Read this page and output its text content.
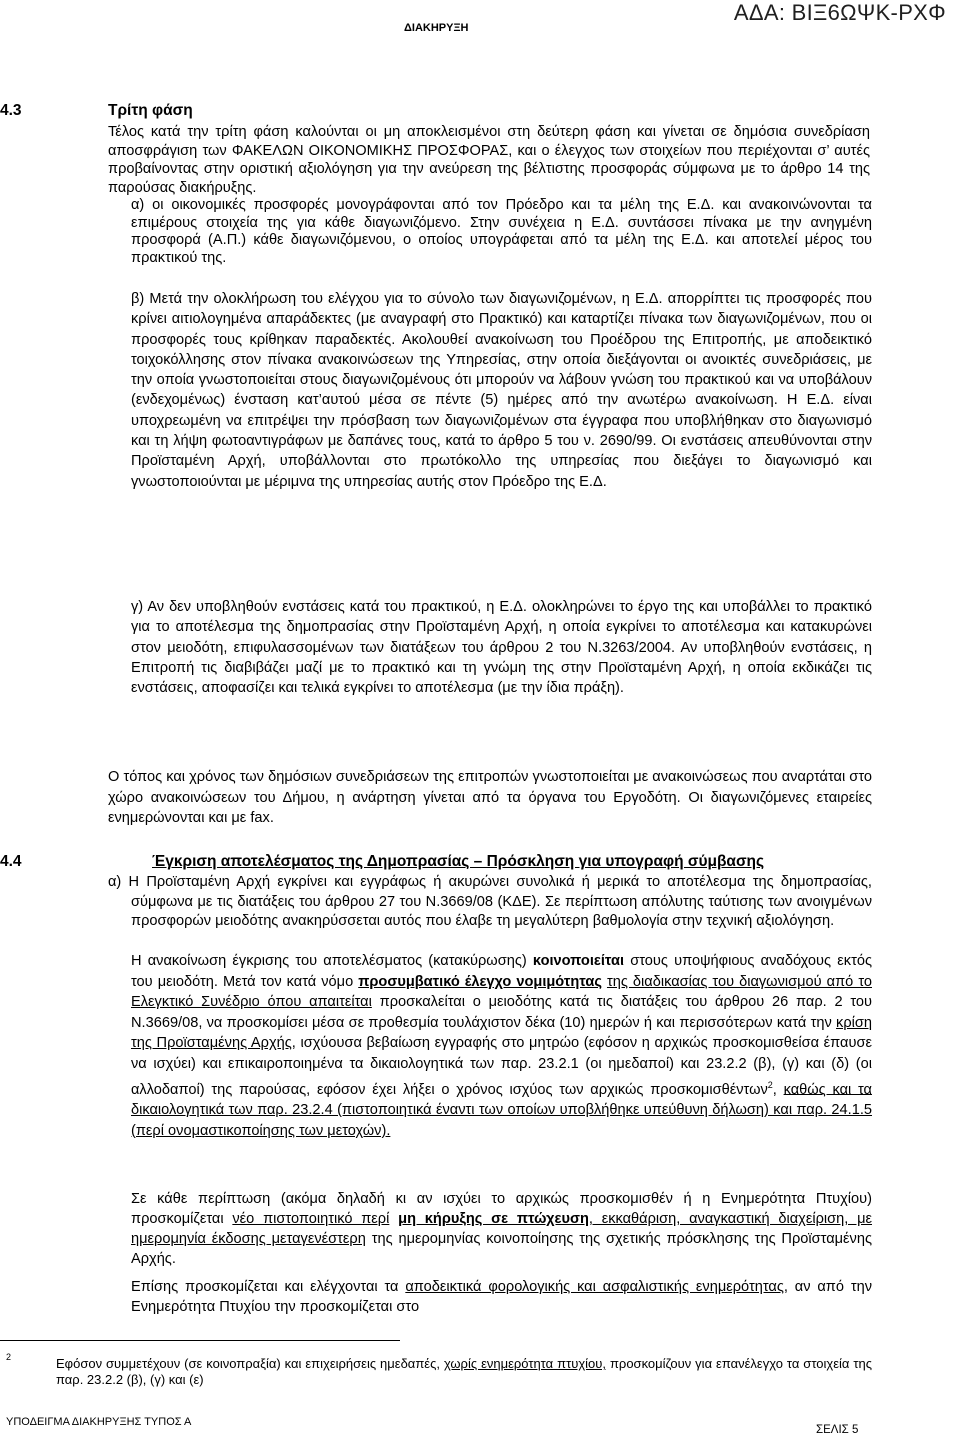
ΔΙΑΚΗΡΥΞΗ
ΑΔΑ: ΒΙΞ6ΩΨΚ-ΡΧΦ
4.3	Τρίτη φάση

Τέλος κατά την τρίτη φάση καλούνται οι μη αποκλεισμένοι στη δεύτερη φάση και γίνεται σε δημόσια συνεδρίαση αποσφράγιση των ΦΑΚΕΛΩΝ ΟΙΚΟΝΟΜΙΚΗΣ ΠΡΟΣΦΟΡΑΣ, και ο έλεγχος των στοιχείων που περιέχονται σ’ αυτές προβαίνοντας στην οριστική αξιολόγηση για την ανεύρεση της βέλτιστης προσφοράς σύμφωνα με το άρθρο 14 της παρούσας διακήρυξης.

α) οι οικονομικές προσφορές μονογράφονται από τον Πρόεδρο και τα μέλη της Ε.Δ. και ανακοινώνονται τα επιμέρους στοιχεία της για κάθε διαγωνιζόμενο. Στην συνέχεια η Ε.Δ. συντάσσει πίνακα με την ανηγμένη προσφορά (Α.Π.) κάθε διαγωνιζόμενου, ο οποίος υπογράφεται από τα μέλη της Ε.Δ. και αποτελεί μέρος του πρακτικού της.

β) Μετά την ολοκλήρωση του ελέγχου για το σύνολο των διαγωνιζομένων, η Ε.Δ. απορρίπτει τις προσφορές που κρίνει αιτιολογημένα απαράδεκτες (με αναγραφή στο Πρακτικό) και καταρτίζει πίνακα των διαγωνιζομένων, που οι προσφορές τους κρίθηκαν παραδεκτές. Ακολουθεί ανακοίνωση του Προέδρου της Επιτροπής, με αποδεικτικό τοιχοκόλλησης στον πίνακα ανακοινώσεων της Υπηρεσίας, στην οποία διεξάγονται οι ανοικτές συνεδριάσεις, με την οποία γνωστοποιείται στους διαγωνιζομένους ότι μπορούν να λάβουν γνώση του πρακτικού και να υποβάλουν (ενδεχομένως) ένσταση κατ’αυτού μέσα σε πέντε (5) ημέρες από την ανωτέρω ανακοίνωση. Η Ε.Δ. είναι υποχρεωμένη να επιτρέψει την πρόσβαση των διαγωνιζομένων στα έγγραφα που υποβλήθηκαν στο διαγωνισμό και τη λήψη φωτοαντιγράφων με δαπάνες τους, κατά το άρθρο 5 του ν. 2690/99. Οι ενστάσεις απευθύνονται στην Προϊσταμένη Αρχή, υποβάλλονται στο πρωτόκολλο της υπηρεσίας που διεξάγει το διαγωνισμό και γνωστοποιούνται με μέριμνα της υπηρεσίας αυτής στον Πρόεδρο της Ε.Δ.

γ) Αν δεν υποβληθούν ενστάσεις κατά του πρακτικού, η Ε.Δ. ολοκληρώνει το έργο της και υποβάλλει το πρακτικό για το αποτέλεσμα της δημοπρασίας στην Προϊσταμένη Αρχή, η οποία εγκρίνει το αποτέλεσμα και κατακυρώνει στον μειοδότη, επιφυλασσομένων των διατάξεων του άρθρου 2 του Ν.3263/2004. Αν υποβληθούν ενστάσεις, η Επιτροπή τις διαβιβάζει μαζί με το πρακτικό και τη γνώμη της στην Προϊσταμένη Αρχή, η οποία εκδικάζει τις ενστάσεις, αποφασίζει και τελικά εγκρίνει το αποτέλεσμα (με την ίδια πράξη).

Ο τόπος και χρόνος των δημόσιων συνεδριάσεων της επιτροπών γνωστοποιείται με ανακοινώσεως που αναρτάται στο χώρο ανακοινώσεων του Δήμου, η ανάρτηση γίνεται από τα όργανα του Εργοδότη. Οι διαγωνιζόμενες εταιρείες ενημερώνονται και με fax.

4.4	Έγκριση αποτελέσματος της Δημοπρασίας – Πρόσκληση για υπογραφή σύμβασης

α) Η Προϊσταμένη Αρχή εγκρίνει και εγγράφως ή ακυρώνει συνολικά ή μερικά το αποτέλεσμα της δημοπρασίας, σύμφωνα με τις διατάξεις του άρθρου 27 του Ν.3669/08 (ΚΔΕ). Σε περίπτωση απόλυτης ταύτισης των ανοιγμένων προσφορών μειοδότης ανακηρύσσεται αυτός που έλαβε τη μεγαλύτερη βαθμολογία στην τεχνική αξιολόγηση.

Η ανακοίνωση έγκρισης του αποτελέσματος (κατακύρωσης) κοινοποιείται στους υποψήφιους αναδόχους εκτός του μειοδότη. Μετά τον κατά νόμο προσυμβατικό έλεγχο νομιμότητας της διαδικασίας του διαγωνισμού από το Ελεγκτικό Συνέδριο όπου απαιτείται προσκαλείται ο μειοδότης κατά τις διατάξεις του άρθρου 26 παρ. 2 του Ν.3669/08, να προσκομίσει μέσα σε προθεσμία τουλάχιστον δέκα (10) ημερών ή και περισσότερων κατά την κρίση της Προϊσταμένης Αρχής, ισχύουσα βεβαίωση εγγραφής στο μητρώο (εφόσον η αρχικώς προσκομισθείσα έπαυσε να ισχύει) και επικαιροποιημένα τα δικαιολογητικά των παρ. 23.2.1 (οι ημεδαποί) και 23.2.2 (β), (γ) και (δ) (οι αλλοδαποί) της παρούσας, εφόσον έχει λήξει ο χρόνος ισχύος των αρχικώς προσκομισθέντων$^2$, καθώς και τα δικαιολογητικά των παρ. 23.2.4 (πιστοποιητικά έναντι των οποίων υποβλήθηκε υπεύθυνη δήλωση) και παρ. 24.1.5 (περί ονομαστικοποίησης των μετοχών).

Σε κάθε περίπτωση (ακόμα δηλαδή κι αν ισχύει το αρχικώς προσκομισθέν ή η Ενημερότητα Πτυχίου) προσκομίζεται νέο πιστοποιητικό περί μη κήρυξης σε πτώχευση, εκκαθάριση, αναγκαστική διαχείριση, με ημερομηνία έκδοσης μεταγενέστερη της ημερομηνίας κοινοποίησης της σχετικής πρόσκλησης της Προϊσταμένης Αρχής.

Επίσης προσκομίζεται και ελέγχονται τα αποδεικτικά φορολογικής και ασφαλιστικής ενημερότητας, αν από την Ενημερότητα Πτυχίου την προσκομίζεται στο

2	Εφόσον συμμετέχουν (σε κοινοπραξία) και επιχειρήσεις ημεδαπές, χωρίς ενημερότητα πτυχίου, προσκομίζουν για επανέλεγχο τα στοιχεία της παρ. 23.2.2 (β), (γ) και (ε)
ΥΠΟΔΕΙΓΜΑ ΔΙΑΚΗΡΥΞΗΣ ΤΥΠΟΣ Α
ΣΕΛΙΣ 5
